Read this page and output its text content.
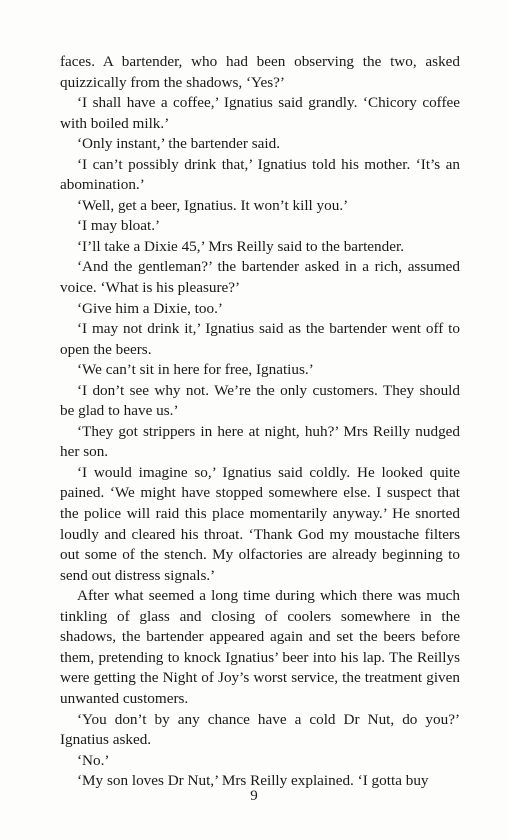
faces. A bartender, who had been observing the two, asked quizzically from the shadows, ‘Yes?’

‘I shall have a coffee,’ Ignatius said grandly. ‘Chicory coffee with boiled milk.’

‘Only instant,’ the bartender said.

‘I can’t possibly drink that,’ Ignatius told his mother. ‘It’s an abomination.’

‘Well, get a beer, Ignatius. It won’t kill you.’

‘I may bloat.’

‘I’ll take a Dixie 45,’ Mrs Reilly said to the bartender.

‘And the gentleman?’ the bartender asked in a rich, assumed voice. ‘What is his pleasure?’

‘Give him a Dixie, too.’

‘I may not drink it,’ Ignatius said as the bartender went off to open the beers.

‘We can’t sit in here for free, Ignatius.’

‘I don’t see why not. We’re the only customers. They should be glad to have us.’

‘They got strippers in here at night, huh?’ Mrs Reilly nudged her son.

‘I would imagine so,’ Ignatius said coldly. He looked quite pained. ‘We might have stopped somewhere else. I suspect that the police will raid this place momentarily anyway.’ He snorted loudly and cleared his throat. ‘Thank God my moustache filters out some of the stench. My olfactories are already beginning to send out distress signals.’

After what seemed a long time during which there was much tinkling of glass and closing of coolers somewhere in the shadows, the bartender appeared again and set the beers before them, pretending to knock Ignatius’ beer into his lap. The Reillys were getting the Night of Joy’s worst service, the treatment given unwanted customers.

‘You don’t by any chance have a cold Dr Nut, do you?’ Ignatius asked.

‘No.’

‘My son loves Dr Nut,’ Mrs Reilly explained. ‘I gotta buy

9
